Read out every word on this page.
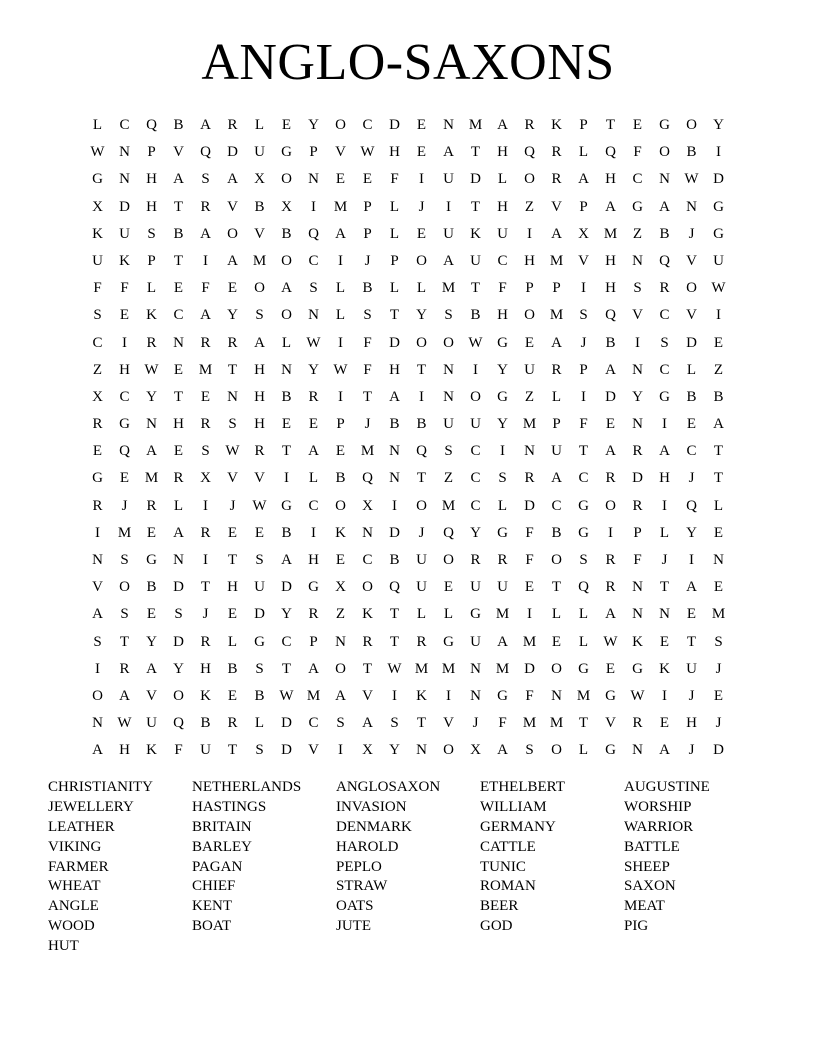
ANGLO-SAXONS
L	C	Q	B	A	R	L	E	Y	O	C	D	E	N M A	R	K	P	T	E	G	O	Y
W N	P	V	Q	D	U	G	P	V W H	E	A	T	H	Q	R	L	Q	F	O	B	I
G	N	H	A	S	A	X	O	N	E	E	F	I	U	D	L	O	R	A	H	C	N W D
X	D	H	T	R	V	B	X	I	M	P	L	J	I	T	H	Z	V	P	A	G	A	N	G
K	U	S	B	A	O	V	B	Q	A	P	L	E	U	K	U	I	A	X M	Z	B	J	G
U	K	P	T	I	A M O	C	I	J	P	O	A	U	C	H M V	H	N	Q	V	U
F	F	L	E	F	E	O	A	S	L	B	L	L	M	T	F	P	P	I	H	S	R	O W
S	E	K	C	A	Y	S	O	N	L	S	T	Y	S	B	H	O M	S	Q	V	C	V	I
C	I	R	N	R	R	A	L	W	I	F	D	O	O W G	E	A	J	B	I	S	D	E
Z	H W	E	M	T	H	N	Y W	F	H	T	N	I	Y	U	R	P	A	N	C	L	Z
X	C	Y	T	E	N	H	B	R	I	T	A	I	N	O	G	Z	L	I	D	Y	G	B	B
R	G	N	H	R	S	H	E	E	P	J	B	B	U	U	Y M	P	F	E	N	I	E	A
E	Q	A	E	S	W R	T	A	E	M N	Q	S	C	I	N	U	T	A	R	A	C	T
G	E	M	R	X	V	V	I	L	B	Q	N	T	Z	C	S	R	A	C	R	D	H	J	T
R	J	R	L	I	J	W G	C	O	X	I	O M	C	L	D	C	G	O	R	I	Q	L
I	M	E	A	R	E	E	B	I	K	N	D	J	Q	Y	G	F	B	G	I	P	L	Y	E
N	S	G	N	I	T	S	A	H	E	C	B	U	O	R	R	F	O	S	R	F	J	I	N
V	O	B	D	T	H	U	D	G	X	O	Q	U	E	U	U	E	T	Q	R	N	T	A	E
A	S	E	S	J	E	D	Y	R	Z	K	T	L	L	G M	I	L	L	A	N	N	E	M
S	T	Y	D	R	L	G	C	P	N	R	T	R	G	U	A M	E	L	W K	E	T	S
I	R	A	Y	H	B	S	T	A	O	T	W M M N M D	O	G	E	G	K	U	J
O	A	V	O	K	E	B W M A	V	I	K	I	N	G	F	N M G W	I	J	E
N W U	Q	B	R	L	D	C	S	A	S	T	V	J	F	M M	T	V	R	E	H	J
A	H	K	F	U	T	S	D	V	I	X	Y	N	O	X	A	S	O	L	G	N	A	J	D
CHRISTIANITY	NETHERLANDS	ANGLOSAXON	ETHELBERT	AUGUSTINE
JEWELLERY	HASTINGS	INVASION	WILLIAM	WORSHIP
LEATHER	BRITAIN	DENMARK	GERMANY	WARRIOR
VIKING	BARLEY	HAROLD	CATTLE	BATTLE
FARMER	PAGAN	PEPLO	TUNIC	SHEEP
WHEAT	CHIEF	STRAW	ROMAN	SAXON
ANGLE	KENT	OATS	BEER	MEAT
WOOD	BOAT	JUTE	GOD	PIG
HUT
